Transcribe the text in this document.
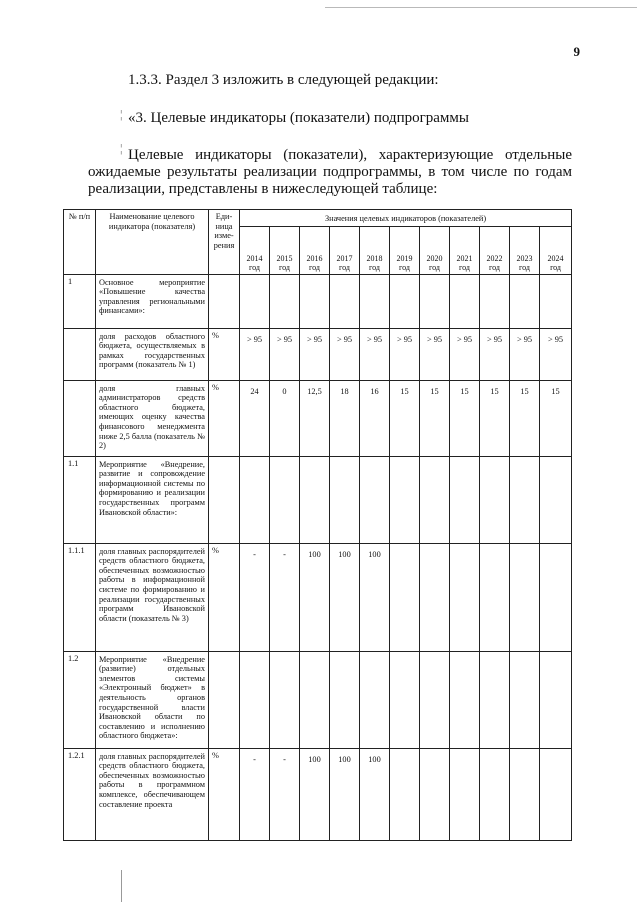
9
1.3.3. Раздел 3 изложить в следующей редакции:
¦ «3. Целевые индикаторы (показатели) подпрограммы
¦ Целевые индикаторы (показатели), характеризующие отдельные ожидаемые результаты реализации подпрограммы, в том числе по годам реализации, представлены в нижеследующей таблице:
№ п/п	Наименование целевого индикатора (показателя)	Еди-ница изме-рения	Значения целевых индикаторов (показателей)										
			2014 год	2015 год	2016 год	2017 год	2018 год	2019 год	2020 год	2021 год	2022 год	2023 год	2024 год
1	Основное мероприятие «Повышение качества управления региональными финансами»:												
	доля расходов областного бюджета, осуществляемых в рамках государственных программ (показатель № 1)	%	> 95	> 95	> 95	> 95	> 95	> 95	> 95	> 95	> 95	> 95	> 95
	доля главных администраторов средств областного бюджета, имеющих оценку качества финансового менеджмента ниже 2,5 балла (показатель № 2)	%	24	0	12,5	18	16	15	15	15	15	15	15
1.1	Мероприятие «Внедрение, развитие и сопровождение информационной системы по формированию и реализации государственных программ Ивановской области»:												
1.1.1	доля главных распорядителей средств областного бюджета, обеспеченных возможностью работы в информационной системе по формированию и реализации государственных программ Ивановской области (показатель № 3)	%	-	-	100	100	100						
1.2	Мероприятие «Внедрение (развитие) отдельных элементов системы «Электронный бюджет» в деятельность органов государственной власти Ивановской области по составлению и исполнению областного бюджета»:												
1.2.1	доля главных распорядителей средств областного бюджета, обеспеченных возможностью работы в программном комплексе, обеспечивающем составление проекта	%	-	-	100	100	100						
